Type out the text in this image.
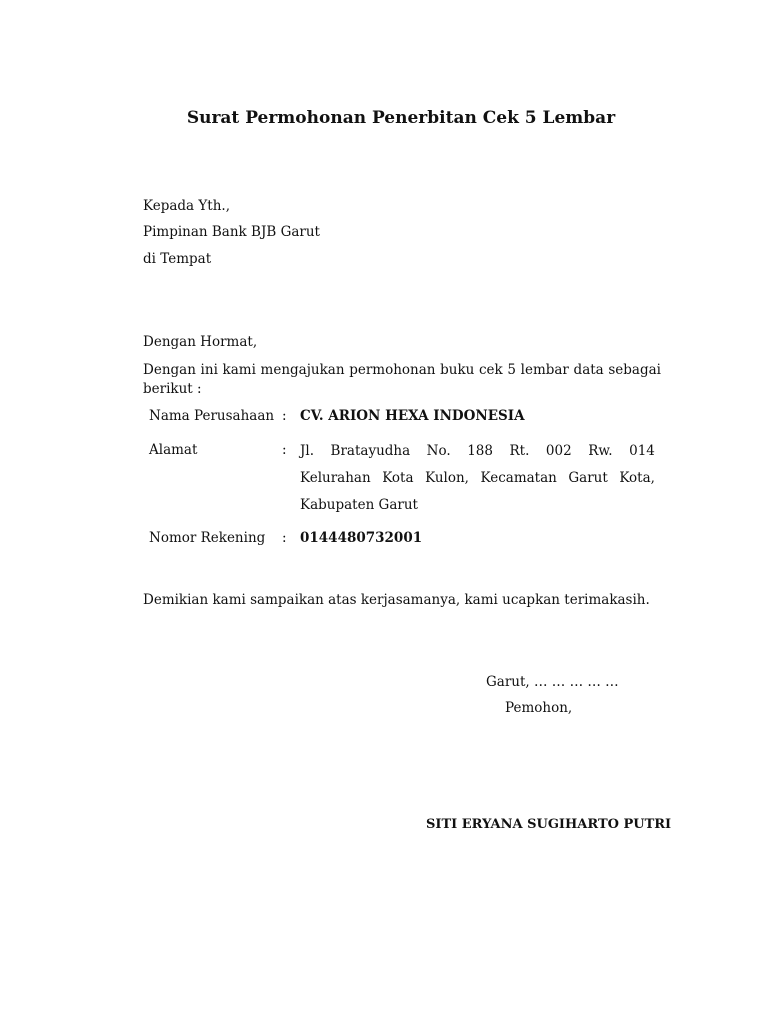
Surat Permohonan Penerbitan Cek 5 Lembar

Kepada Yth.,

Pimpinan Bank BJB Garut

di Tempat

Dengan Hormat,

Dengan ini kami mengajukan permohonan buku cek 5 lembar data sebagai berikut :

Nama Perusahaan : CV. ARION HEXA INDONESIA
Alamat	: Jl. Bratayudha No. 188 Rt. 002 Rw. 014
Kelurahan Kota Kulon, Kecamatan Garut Kota,
Kabupaten Garut
Nomor Rekening : 0144480732001

Demikian kami sampaikan atas kerjasamanya, kami ucapkan terimakasih.

Garut, … … … … …
Pemohon,
SITI ERYANA SUGIHARTO PUTRI
